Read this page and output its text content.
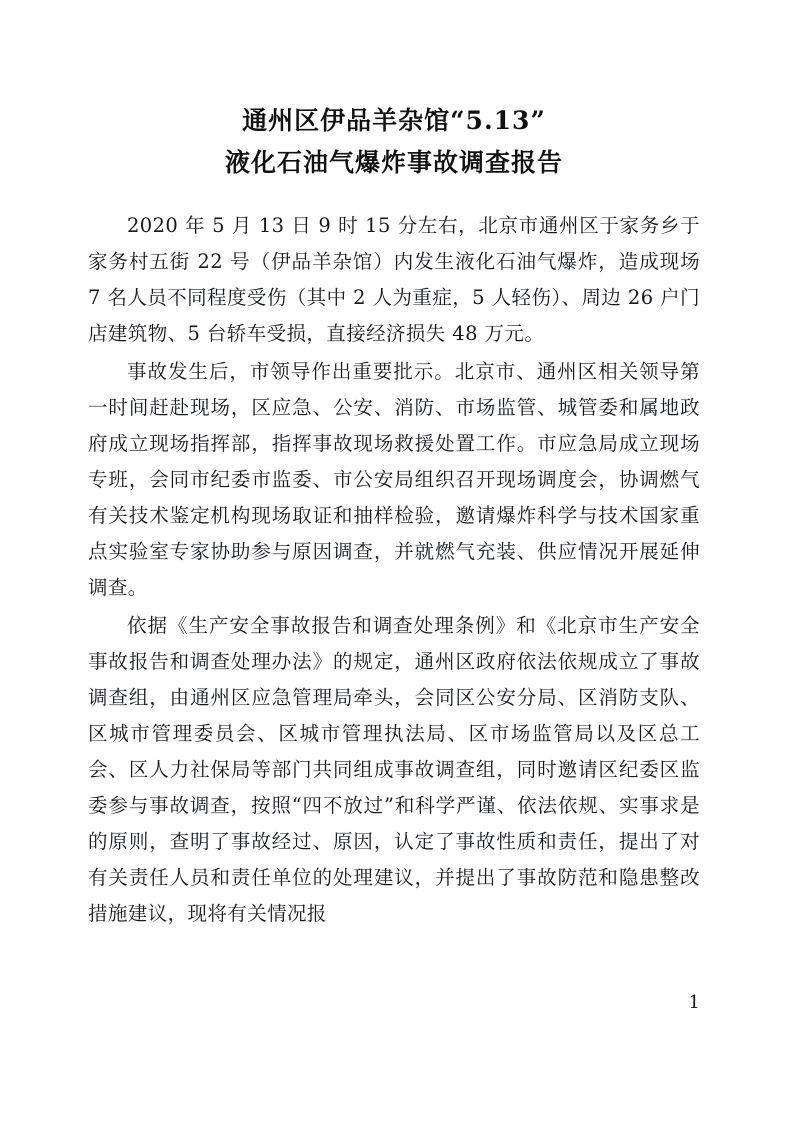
通州区伊品羊杂馆“5.13”
液化石油气爆炸事故调查报告

2020 年 5 月 13 日 9 时 15 分左右，北京市通州区于家务乡于家务村五街 22 号（伊品羊杂馆）内发生液化石油气爆炸，造成现场 7 名人员不同程度受伤（其中 2 人为重症，5 人轻伤）、周边 26 户门店建筑物、5 台轿车受损，直接经济损失 48 万元。

事故发生后，市领导作出重要批示。北京市、通州区相关领导第一时间赶赴现场，区应急、公安、消防、市场监管、城管委和属地政府成立现场指挥部，指挥事故现场救援处置工作。市应急局成立现场专班，会同市纪委市监委、市公安局组织召开现场调度会，协调燃气有关技术鉴定机构现场取证和抽样检验，邀请爆炸科学与技术国家重点实验室专家协助参与原因调查，并就燃气充装、供应情况开展延伸调查。

依据《生产安全事故报告和调查处理条例》和《北京市生产安全事故报告和调查处理办法》的规定，通州区政府依法依规成立了事故调查组，由通州区应急管理局牵头，会同区公安分局、区消防支队、区城市管理委员会、区城市管理执法局、区市场监管局以及区总工会、区人力社保局等部门共同组成事故调查组，同时邀请区纪委区监委参与事故调查，按照“四不放过”和科学严谨、依法依规、实事求是的原则，查明了事故经过、原因，认定了事故性质和责任，提出了对有关责任人员和责任单位的处理建议，并提出了事故防范和隐患整改措施建议，现将有关情况报

1
